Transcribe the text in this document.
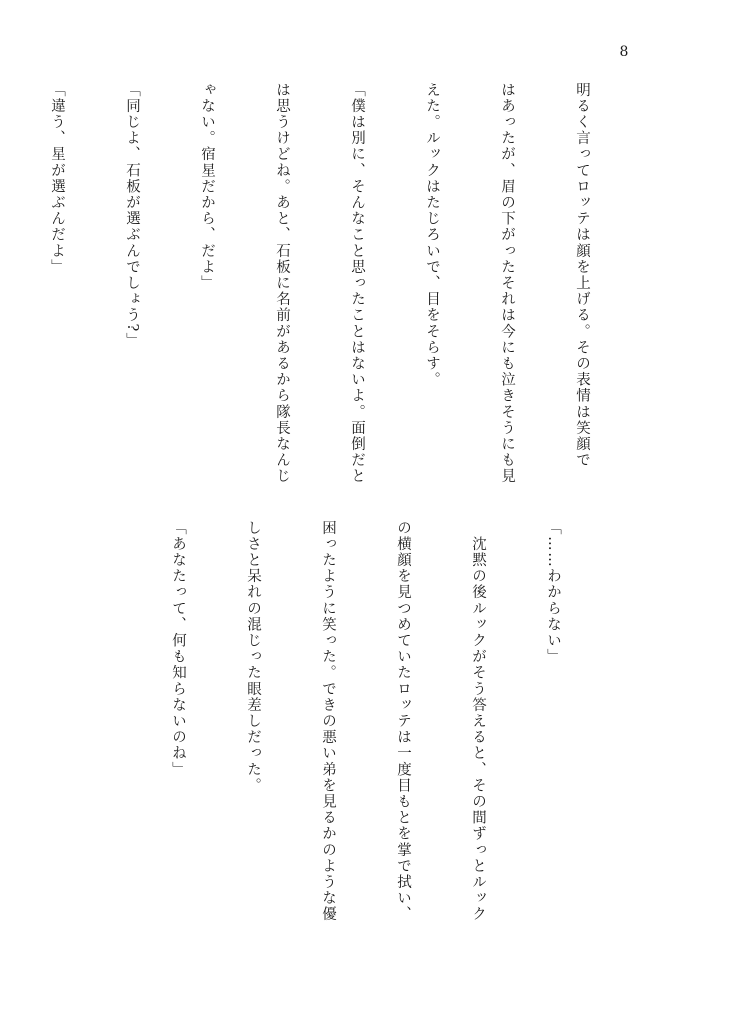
8

明るく言ってロッテは顔を上げる。その表情は笑顔で

はあったが、眉の下がったそれは今にも泣きそうにも見

えた。ルックはたじろいで、目をそらす。

「僕は別に、そんなこと思ったことはないよ。面倒だと

は思うけどね。あと、石板に名前があるから隊長なんじ

ゃない。宿星だから、だよ」

「同じよ、石板が選ぶんでしょう?」

「違う、星が選ぶんだよ」

「……わからない」

　沈黙の後ルックがそう答えると、その間ずっとルック

の横顔を見つめていたロッテは一度目もとを掌で拭い、

困ったように笑った。できの悪い弟を見るかのような優

しさと呆れの混じった眼差しだった。

「あなたって、何も知らないのね」
